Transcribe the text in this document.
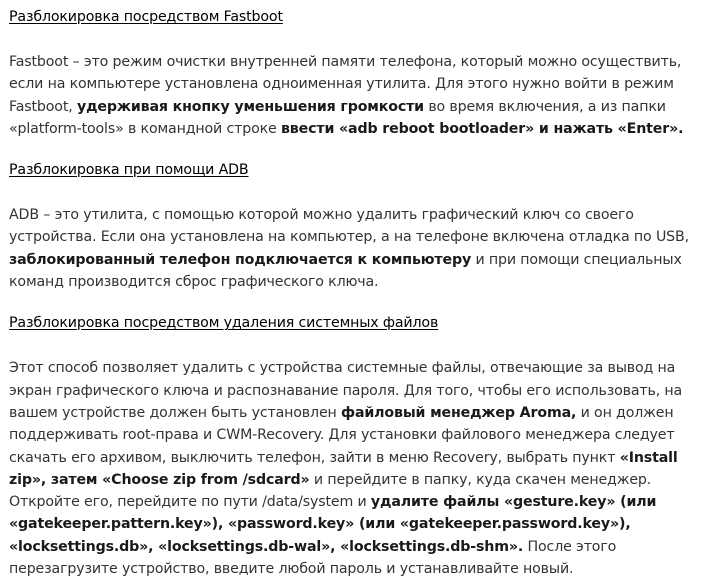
Разблокировка посредством Fastboot

Fastboot – это режим очистки внутренней памяти телефона, который можно осуществить, если на компьютере установлена одноименная утилита. Для этого нужно войти в режим Fastboot, удерживая кнопку уменьшения громкости во время включения, а из папки «platform-tools» в командной строке ввести «adb reboot bootloader» и нажать «Enter».

Разблокировка при помощи ADB

ADB – это утилита, с помощью которой можно удалить графический ключ со своего устройства. Если она установлена на компьютер, а на телефоне включена отладка по USB, заблокированный телефон подключается к компьютеру и при помощи специальных команд производится сброс графического ключа.

Разблокировка посредством удаления системных файлов

Этот способ позволяет удалить с устройства системные файлы, отвечающие за вывод на экран графического ключа и распознавание пароля. Для того, чтобы его использовать, на вашем устройстве должен быть установлен файловый менеджер Aroma, и он должен поддерживать root-права и CWM-Recovery. Для установки файлового менеджера следует скачать его архивом, выключить телефон, зайти в меню Recovery, выбрать пункт «Install zip», затем «Choose zip from /sdcard» и перейдите в папку, куда скачен менеджер. Откройте его, перейдите по пути /data/system и удалите файлы «gesture.key» (или «gatekeeper.pattern.key»), «password.key» (или «gatekeeper.password.key»), «locksettings.db», «locksettings.db-wal», «locksettings.db-shm». После этого перезагрузите устройство, введите любой пароль и устанавливайте новый.
